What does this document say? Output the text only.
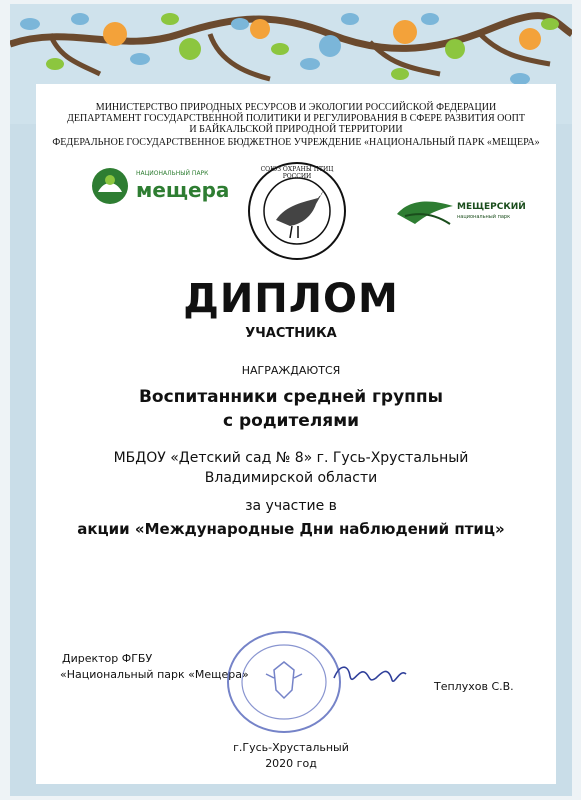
МИНИСТЕРСТВО ПРИРОДНЫХ РЕСУРСОВ И ЭКОЛОГИИ РОССИЙСКОЙ ФЕДЕРАЦИИ
ДЕПАРТАМЕНТ ГОСУДАРСТВЕННОЙ ПОЛИТИКИ И РЕГУЛИРОВАНИЯ В СФЕРЕ РАЗВИТИЯ ООПТ
И БАЙКАЛЬСКОЙ ПРИРОДНОЙ ТЕРРИТОРИИ
ФЕДЕРАЛЬНОЕ ГОСУДАРСТВЕННОЕ БЮДЖЕТНОЕ УЧРЕЖДЕНИЕ «НАЦИОНАЛЬНЫЙ ПАРК «МЕЩЕРА»
НАЦИОНАЛЬНЫЙ ПАРК
мещера
СОЮЗ ОХРАНЫ ПТИЦ РОССИИ
МЕЩЕРСКИЙ
национальный парк
ДИПЛОМ
УЧАСТНИКА
НАГРАЖДАЮТСЯ
Воспитанники средней группы
с родителями
МБДОУ «Детский сад № 8» г. Гусь-Хрустальный
Владимирской области
за участие в
акции «Международные Дни наблюдений птиц»
Директор ФГБУ
«Национальный парк «Мещера»
Теплухов С.В.
г.Гусь-Хрустальный
2020 год
